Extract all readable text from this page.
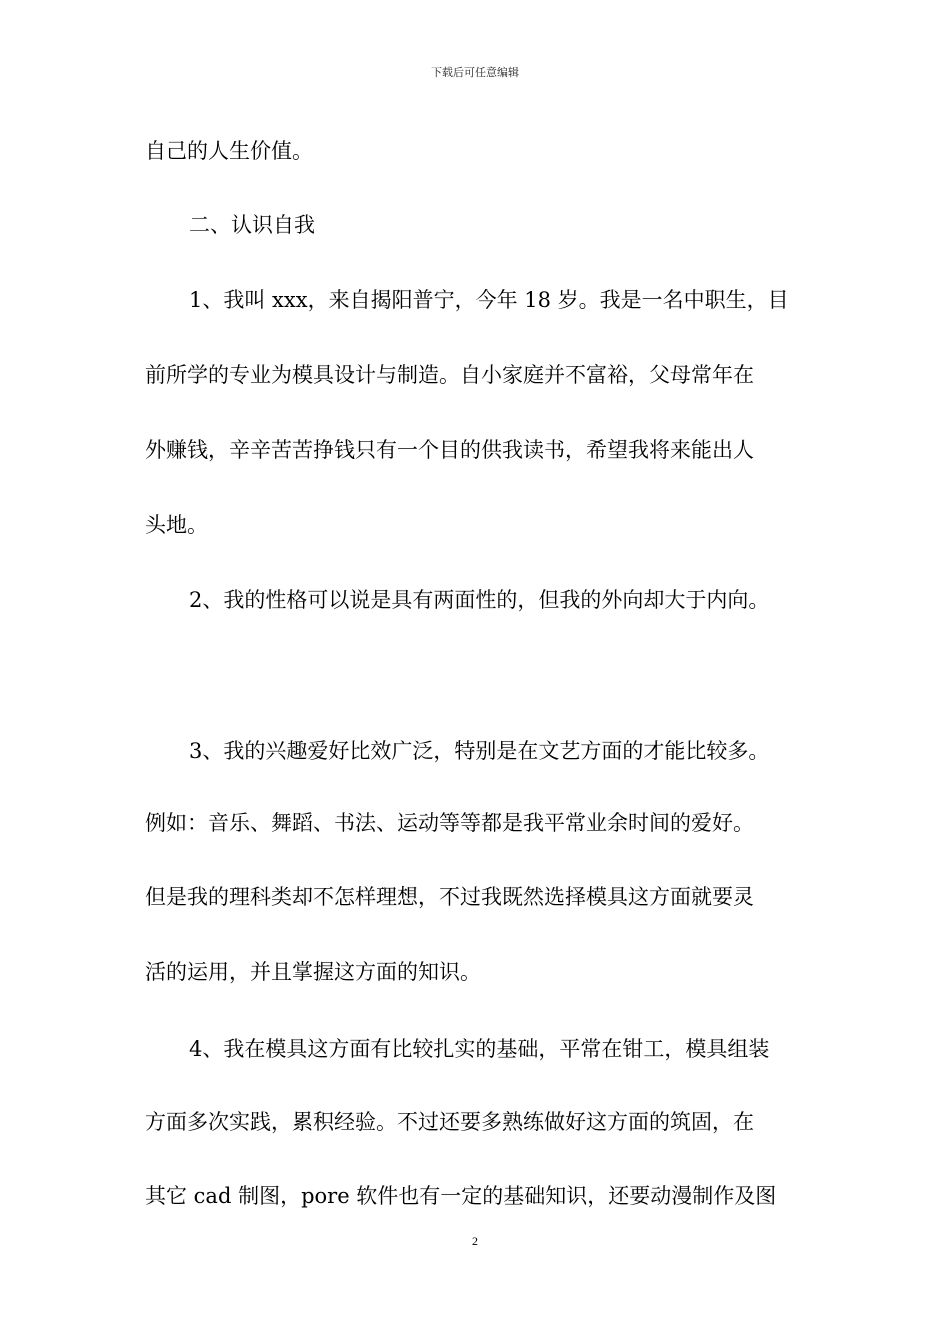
下载后可任意编辑
自己的人生价值。
二、认识自我
1、我叫 xxx，来自揭阳普宁，今年 18 岁。我是一名中职生，目
前所学的专业为模具设计与制造。自小家庭并不富裕，父母常年在
外赚钱，辛辛苦苦挣钱只有一个目的供我读书，希望我将来能出人
头地。
2、我的性格可以说是具有两面性的，但我的外向却大于内向。
3、我的兴趣爱好比效广泛，特别是在文艺方面的才能比较多。
例如：音乐、舞蹈、书法、运动等等都是我平常业余时间的爱好。
但是我的理科类却不怎样理想，不过我既然选择模具这方面就要灵
活的运用，并且掌握这方面的知识。
4、我在模具这方面有比较扎实的基础，平常在钳工，模具组装
方面多次实践，累积经验。不过还要多熟练做好这方面的筑固，在
其它 cad 制图，pore 软件也有一定的基础知识，还要动漫制作及图
2
